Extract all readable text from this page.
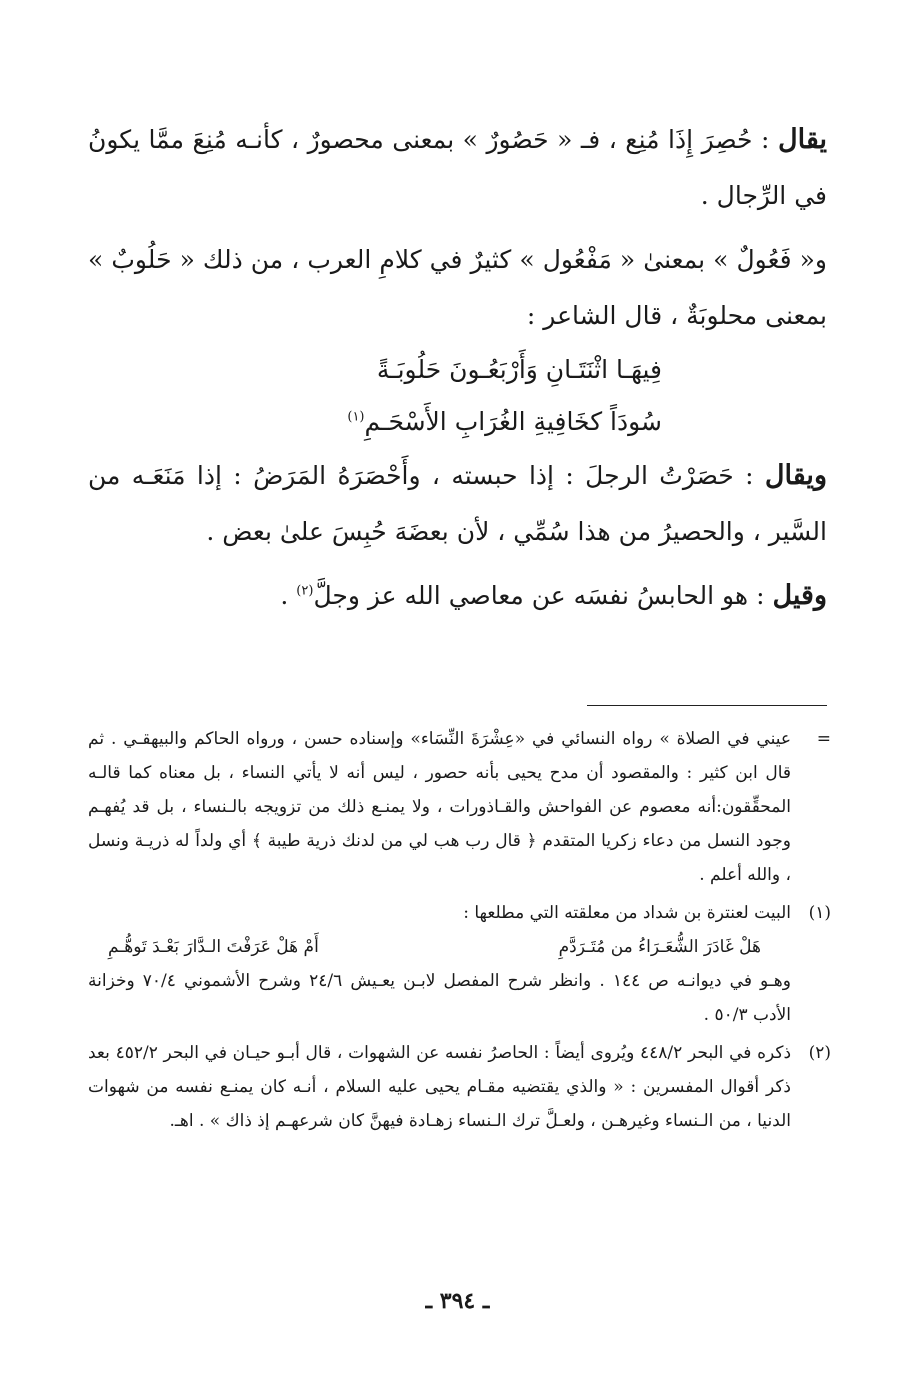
يقال : حُصِرَ إِذَا مُنِع ، فـ « حَصُورٌ » بمعنى محصورٌ ، كأنـه مُنِعَ ممَّا يكونُ في الرِّجال .

و« فَعُولٌ » بمعنىٰ « مَفْعُول » كثيرٌ في كلامِ العرب ، من ذلك « حَلُوبٌ » بمعنى محلوبَةٌ ، قال الشاعر :

فِيهَـا اثْنَتَـانِ وَأَرْبَعُـونَ حَلُوبَـةً
سُودَاً كخَافِيةِ الغُرَابِ الأَسْحَـمِ$^{(١)}$

ويقال : حَصَرْتُ الرجلَ : إذا حبسته ، وأَحْصَرَهُ المَرَضُ : إذا مَنَعَـه من السَّير ، والحصيرُ من هذا سُمِّي ، لأن بعضَهَ حُبِسَ علىٰ بعض .

وقيل : هو الحابسُ نفسَه عن معاصي الله عز وجلَّ$^{(٢)}$ .

=
عيني في الصلاة » رواه النسائي في «عِشْرَةَ النِّسَاء» وإسناده حسن ، ورواه الحاكم والبيهقـي . ثم قال ابن كثير : والمقصود أن مدح يحيى بأنه حصور ، ليس أنه لا يأتي النساء ، بل معناه كما قالـه المحقِّقون:أنه معصوم عن الفواحش والقـاذورات ، ولا يمنـع ذلك من تزويجه بالـنساء ، بل قد يُفهـم وجود النسل من دعاء زكريا المتقدم ﴿ قال رب هب لي من لدنك ذرية طيبة ﴾ أي ولداً له ذريـة ونسل ، والله أعلم .
(١)
البيت لعنترة بن شداد من معلقته التي مطلعها :
هَلْ غَادَرَ الشُّعَـرَاءُ من مُتَـرَدَّمِ
أَمْ هَلْ عَرَفْتَ الـدَّارَ بَعْـدَ تَوهُّـمِ
وهـو في ديوانـه ص ١٤٤ . وانظر شرح المفصل لابـن يعـيش ٢٤/٦ وشرح الأشموني ٧٠/٤ وخزانة الأدب ٥٠/٣ .
(٢)
ذكره في البحر ٤٤٨/٢ ويُروى أيضاً : الحاصرُ نفسه عن الشهوات ، قال أبـو حيـان في البحر ٤٥٢/٢ بعد ذكر أقوال المفسرين : « والذي يقتضيه مقـام يحيى عليه السلام ، أنـه كان يمنـع نفسه من شهوات الدنيا ، من الـنساء وغيرهـن ، ولعـلَّ ترك الـنساء زهـادة فيهنَّ كان شرعهـم إذ ذاك » . اهـ.
ـ ٣٩٤ ـ
